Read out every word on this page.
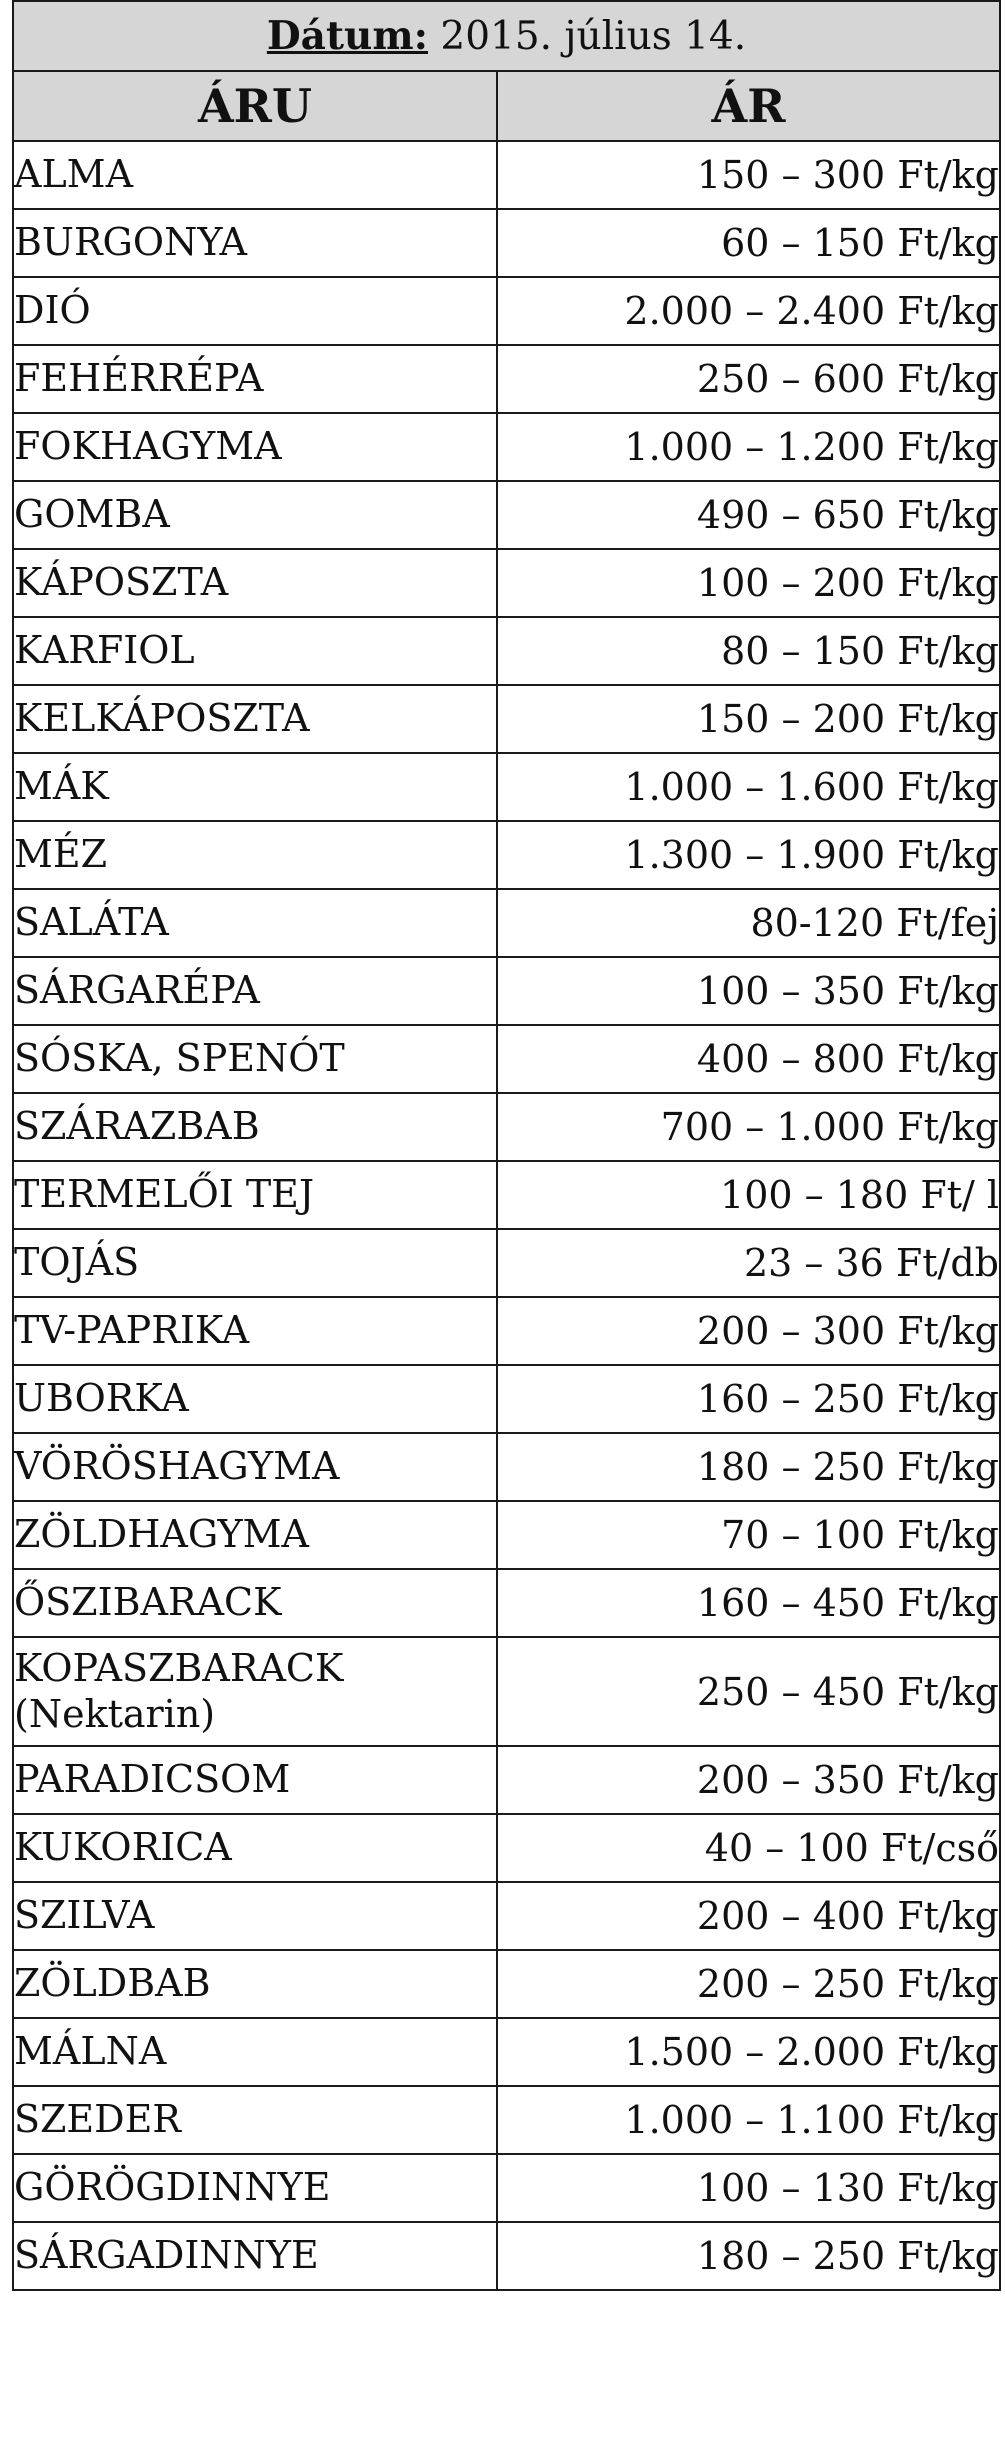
Dátum: 2015. július 14.	
ÁRU	ÁR
ALMA	150 – 300 Ft/kg
BURGONYA	60 – 150 Ft/kg
DIÓ	2.000 – 2.400 Ft/kg
FEHÉRRÉPA	250 – 600 Ft/kg
FOKHAGYMA	1.000 – 1.200 Ft/kg
GOMBA	490 – 650 Ft/kg
KÁPOSZTA	100 – 200 Ft/kg
KARFIOL	80 – 150 Ft/kg
KELKÁPOSZTA	150 – 200 Ft/kg
MÁK	1.000 – 1.600 Ft/kg
MÉZ	1.300 – 1.900 Ft/kg
SALÁTA	80-120 Ft/fej
SÁRGARÉPA	100 – 350 Ft/kg
SÓSKA, SPENÓT	400 – 800 Ft/kg
SZÁRAZBAB	700 – 1.000 Ft/kg
TERMELŐI TEJ	100 – 180 Ft/ l
TOJÁS	23 – 36 Ft/db
TV-PAPRIKA	200 – 300 Ft/kg
UBORKA	160 – 250 Ft/kg
VÖRÖSHAGYMA	180 – 250 Ft/kg
ZÖLDHAGYMA	70 – 100 Ft/kg
ŐSZIBARACK	160 – 450 Ft/kg

KOPASZBARACK
(Nektarin)	250 – 450 Ft/kg
PARADICSOM	200 – 350 Ft/kg
KUKORICA	40 – 100 Ft/cső
SZILVA	200 – 400 Ft/kg
ZÖLDBAB	200 – 250 Ft/kg
MÁLNA	1.500 – 2.000 Ft/kg
SZEDER	1.000 – 1.100 Ft/kg
GÖRÖGDINNYE	100 – 130 Ft/kg
SÁRGADINNYE	180 – 250 Ft/kg
